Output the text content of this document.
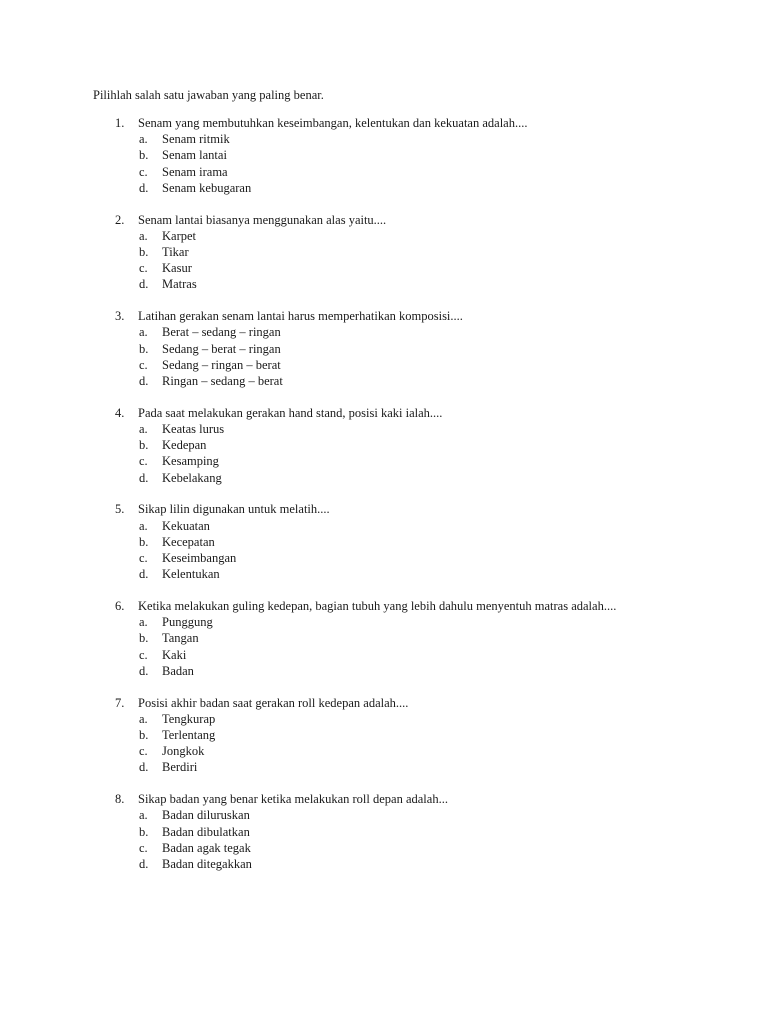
Pilihlah salah satu jawaban yang paling benar.
1. Senam yang membutuhkan keseimbangan, kelentukan dan kekuatan adalah....
a. Senam ritmik
b. Senam lantai
c. Senam irama
d. Senam kebugaran
2. Senam lantai biasanya menggunakan alas yaitu....
a. Karpet
b. Tikar
c. Kasur
d. Matras
3. Latihan gerakan senam lantai harus memperhatikan komposisi....
a. Berat – sedang – ringan
b. Sedang – berat – ringan
c. Sedang – ringan – berat
d. Ringan – sedang – berat
4. Pada saat melakukan gerakan hand stand, posisi kaki ialah....
a. Keatas lurus
b. Kedepan
c. Kesamping
d. Kebelakang
5. Sikap lilin digunakan untuk melatih....
a. Kekuatan
b. Kecepatan
c. Keseimbangan
d. Kelentukan
6. Ketika melakukan guling kedepan, bagian tubuh yang lebih dahulu menyentuh matras adalah....
a. Punggung
b. Tangan
c. Kaki
d. Badan
7. Posisi akhir badan saat gerakan roll kedepan adalah....
a. Tengkurap
b. Terlentang
c. Jongkok
d. Berdiri
8. Sikap badan yang benar ketika melakukan roll depan adalah...
a. Badan diluruskan
b. Badan dibulatkan
c. Badan agak tegak
d. Badan ditegakkan
